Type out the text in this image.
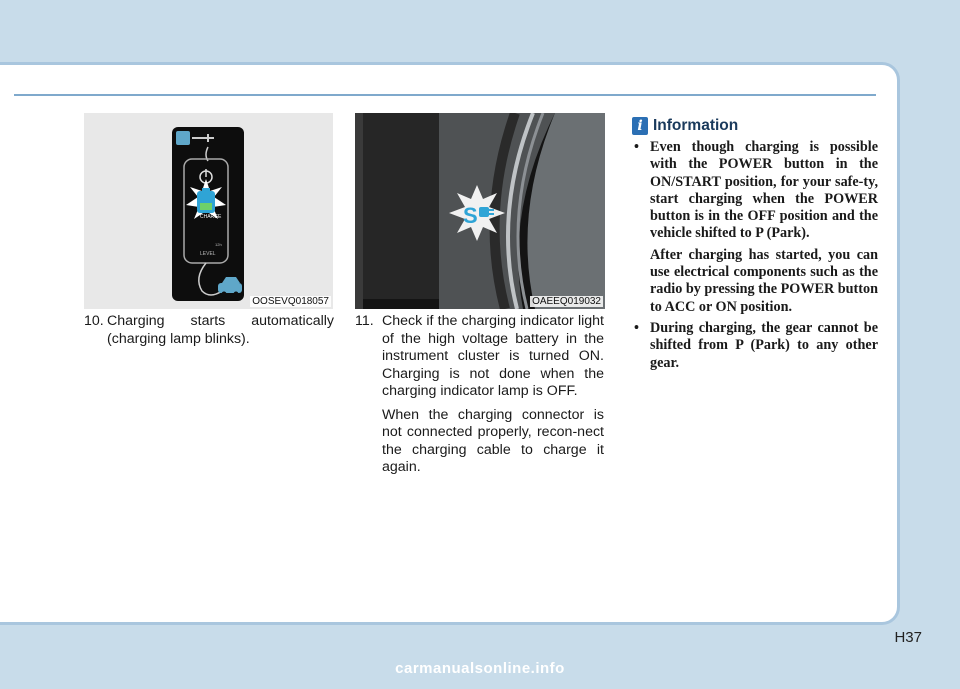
CHARGE
12h
LEVEL
OOSEVQ018057
S
OAEEQ019032
10. Charging starts automatically (charging lamp blinks).
11. Check if the charging indicator light of the high voltage battery in the instrument cluster is turned ON. Charging is not done when the charging indicator lamp is OFF.
When the charging connector is not connected properly, recon-nect the charging cable to charge it again.
i Information
• Even though charging is possible with the POWER button in the ON/START position, for your safe-ty, start charging when the POWER button is in the OFF position and the vehicle shifted to P (Park).
After charging has started, you can use electrical components such as the radio by pressing the POWER button to ACC or ON position.
• During charging, the gear cannot be shifted from P (Park) to any other gear.
H37
carmanualsonline.info
